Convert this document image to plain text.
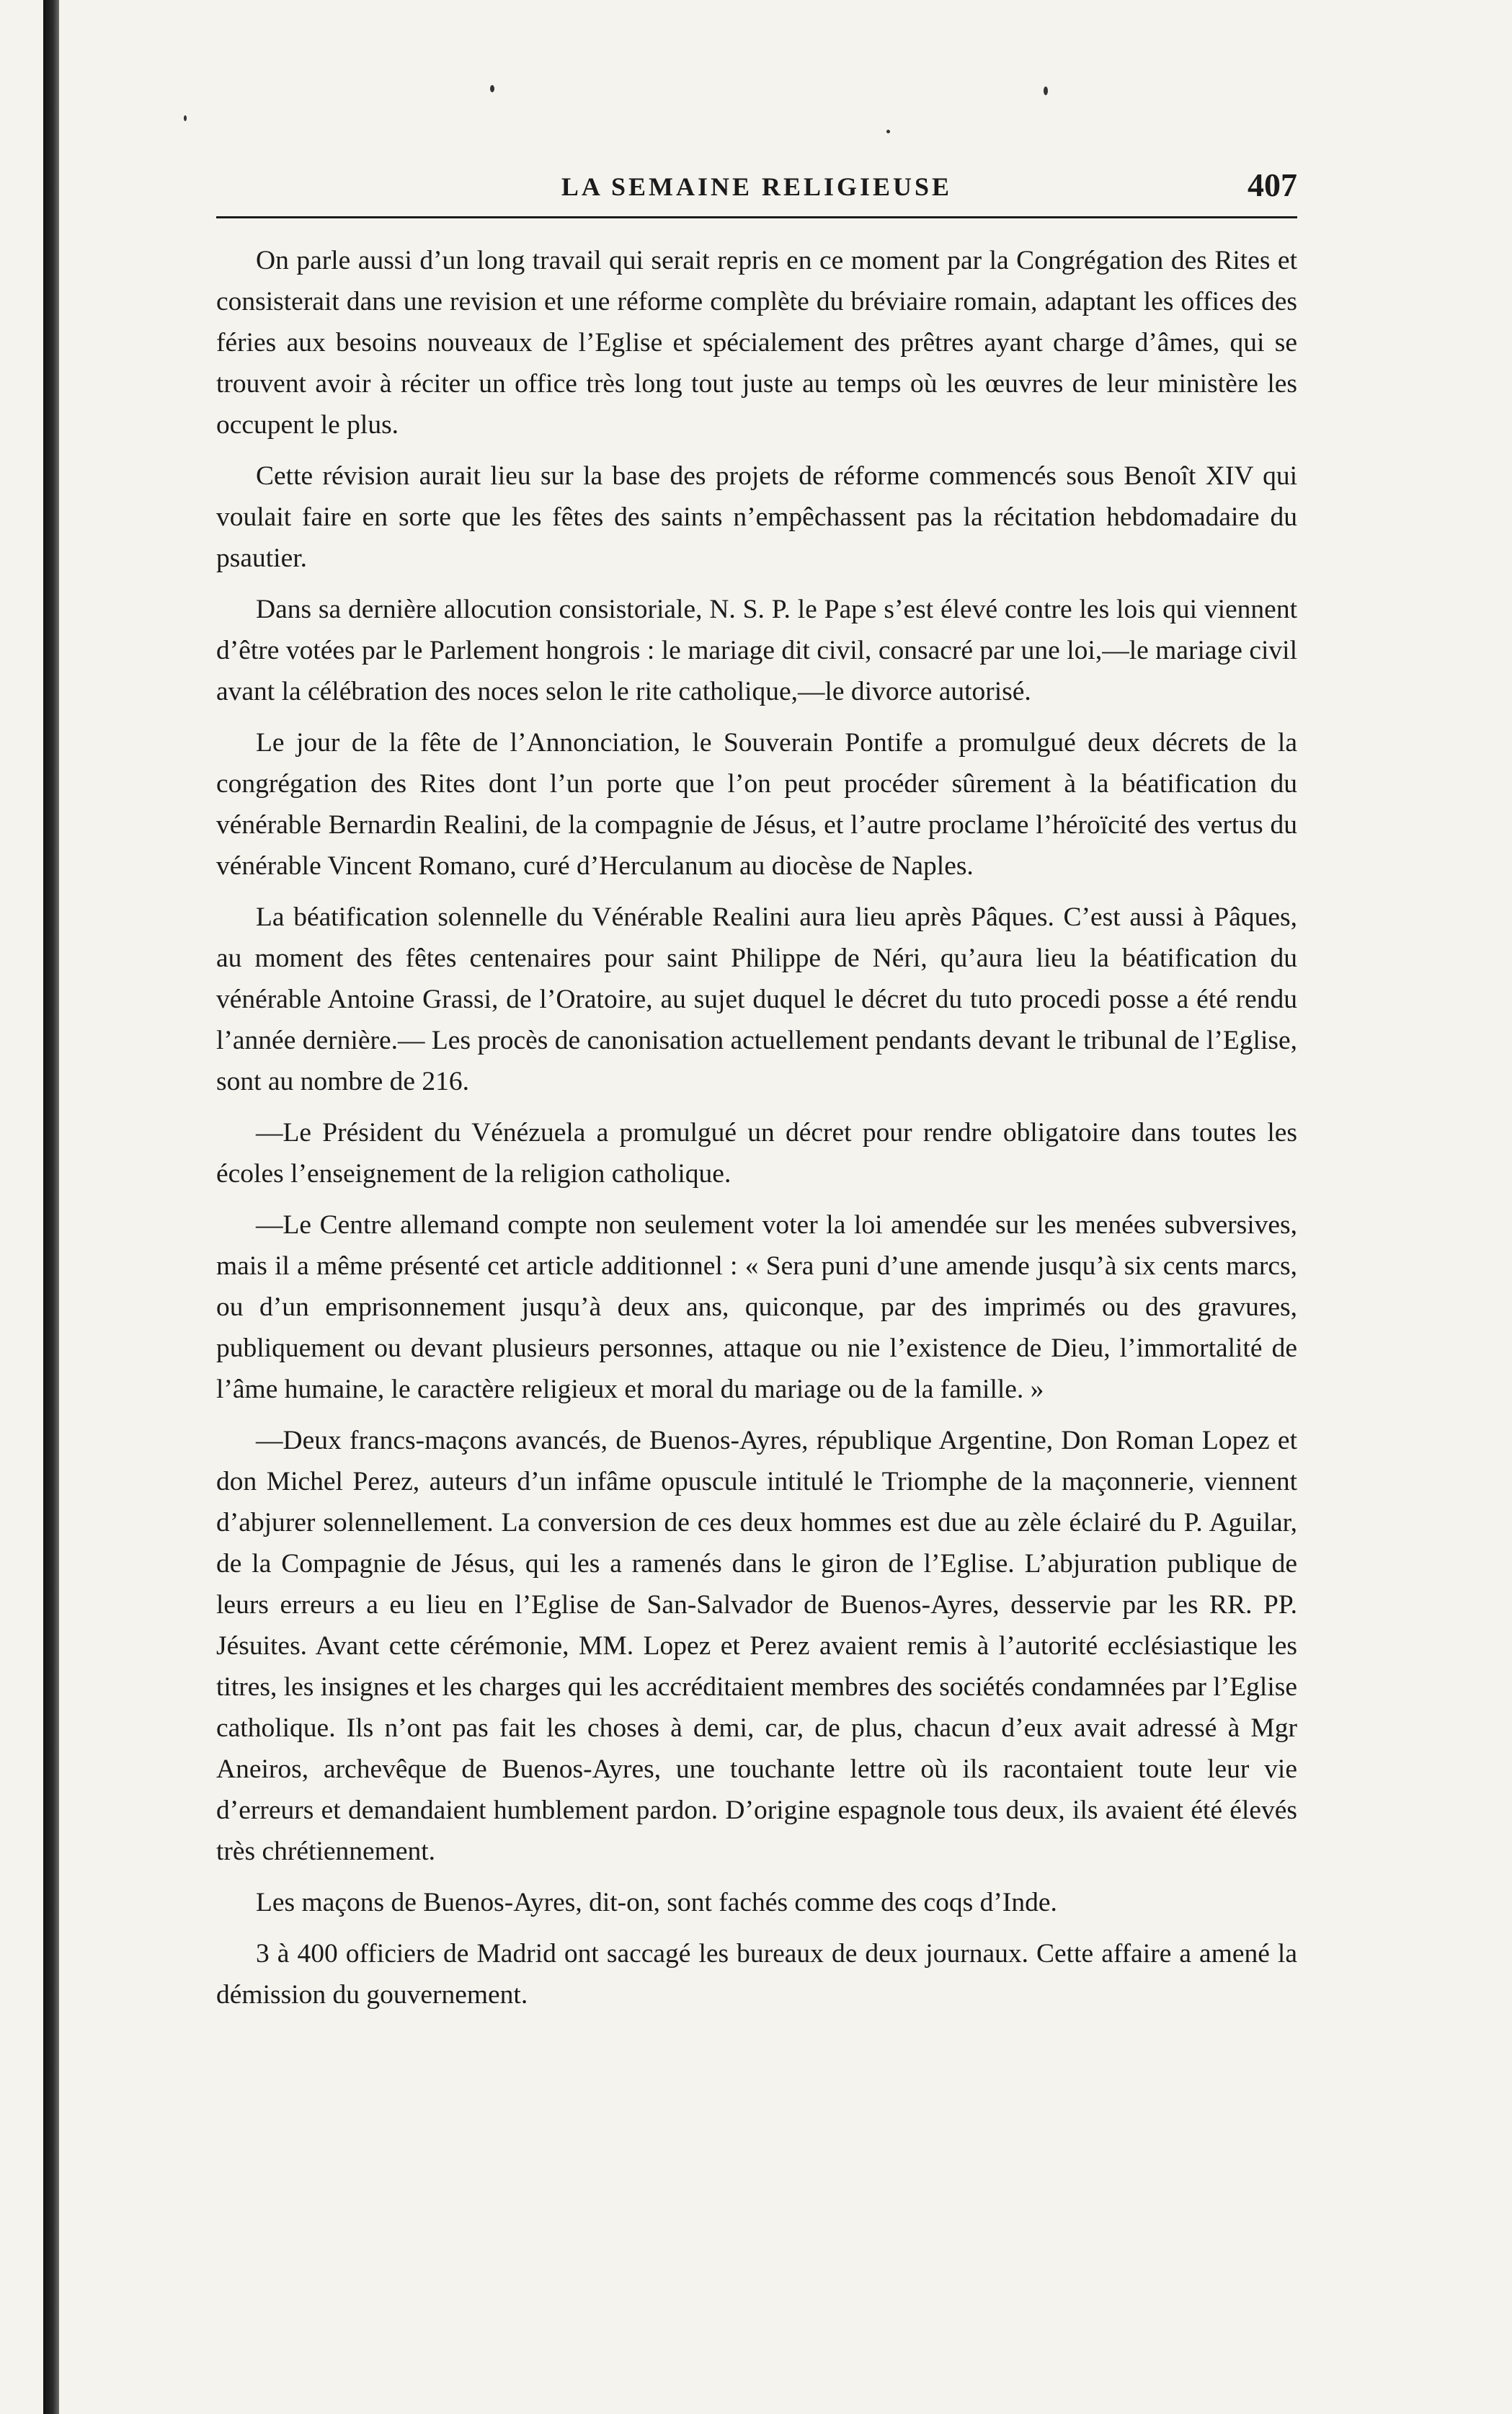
LA SEMAINE RELIGIEUSE	407

On parle aussi d’un long travail qui serait repris en ce moment par la Congrégation des Rites et consisterait dans une revision et une réforme complète du bréviaire romain, adaptant les offices des féries aux besoins nouveaux de l’Eglise et spécialement des prêtres ayant charge d’âmes, qui se trouvent avoir à réciter un office très long tout juste au temps où les œuvres de leur ministère les occupent le plus.

Cette révision aurait lieu sur la base des projets de réforme commencés sous Benoît XIV qui voulait faire en sorte que les fêtes des saints n’empêchassent pas la récitation hebdomadaire du psautier.

Dans sa dernière allocution consistoriale, N. S. P. le Pape s’est élevé contre les lois qui viennent d’être votées par le Parlement hongrois : le mariage dit civil, consacré par une loi,—le mariage civil avant la célébration des noces selon le rite catholique,—le divorce autorisé.

Le jour de la fête de l’Annonciation, le Souverain Pontife a promulgué deux décrets de la congrégation des Rites dont l’un porte que l’on peut procéder sûrement à la béatification du vénérable Bernardin Realini, de la compagnie de Jésus, et l’autre proclame l’héroïcité des vertus du vénérable Vincent Romano, curé d’Herculanum au diocèse de Naples.

La béatification solennelle du Vénérable Realini aura lieu après Pâques. C’est aussi à Pâques, au moment des fêtes centenaires pour saint Philippe de Néri, qu’aura lieu la béatification du vénérable Antoine Grassi, de l’Oratoire, au sujet duquel le décret du tuto procedi posse a été rendu l’année dernière.— Les procès de canonisation actuellement pendants devant le tribunal de l’Eglise, sont au nombre de 216.

—Le Président du Vénézuela a promulgué un décret pour rendre obligatoire dans toutes les écoles l’enseignement de la religion catholique.

—Le Centre allemand compte non seulement voter la loi amendée sur les menées subversives, mais il a même présenté cet article additionnel : « Sera puni d’une amende jusqu’à six cents marcs, ou d’un emprisonnement jusqu’à deux ans, quiconque, par des imprimés ou des gravures, publiquement ou devant plusieurs personnes, attaque ou nie l’existence de Dieu, l’immortalité de l’âme humaine, le caractère religieux et moral du mariage ou de la famille. »

—Deux francs-maçons avancés, de Buenos-Ayres, république Argentine, Don Roman Lopez et don Michel Perez, auteurs d’un infâme opuscule intitulé le Triomphe de la maçonnerie, viennent d’abjurer solennellement. La conversion de ces deux hommes est due au zèle éclairé du P. Aguilar, de la Compagnie de Jésus, qui les a ramenés dans le giron de l’Eglise. L’abjuration publique de leurs erreurs a eu lieu en l’Eglise de San-Salvador de Buenos-Ayres, desservie par les RR. PP. Jésuites. Avant cette cérémonie, MM. Lopez et Perez avaient remis à l’autorité ecclésiastique les titres, les insignes et les charges qui les accréditaient membres des sociétés condamnées par l’Eglise catholique. Ils n’ont pas fait les choses à demi, car, de plus, chacun d’eux avait adressé à Mgr Aneiros, archevêque de Buenos-Ayres, une touchante lettre où ils racontaient toute leur vie d’erreurs et demandaient humblement pardon. D’origine espagnole tous deux, ils avaient été élevés très chrétiennement.

Les maçons de Buenos-Ayres, dit-on, sont fachés comme des coqs d’Inde.

3 à 400 officiers de Madrid ont saccagé les bureaux de deux journaux. Cette affaire a amené la démission du gouvernement.
